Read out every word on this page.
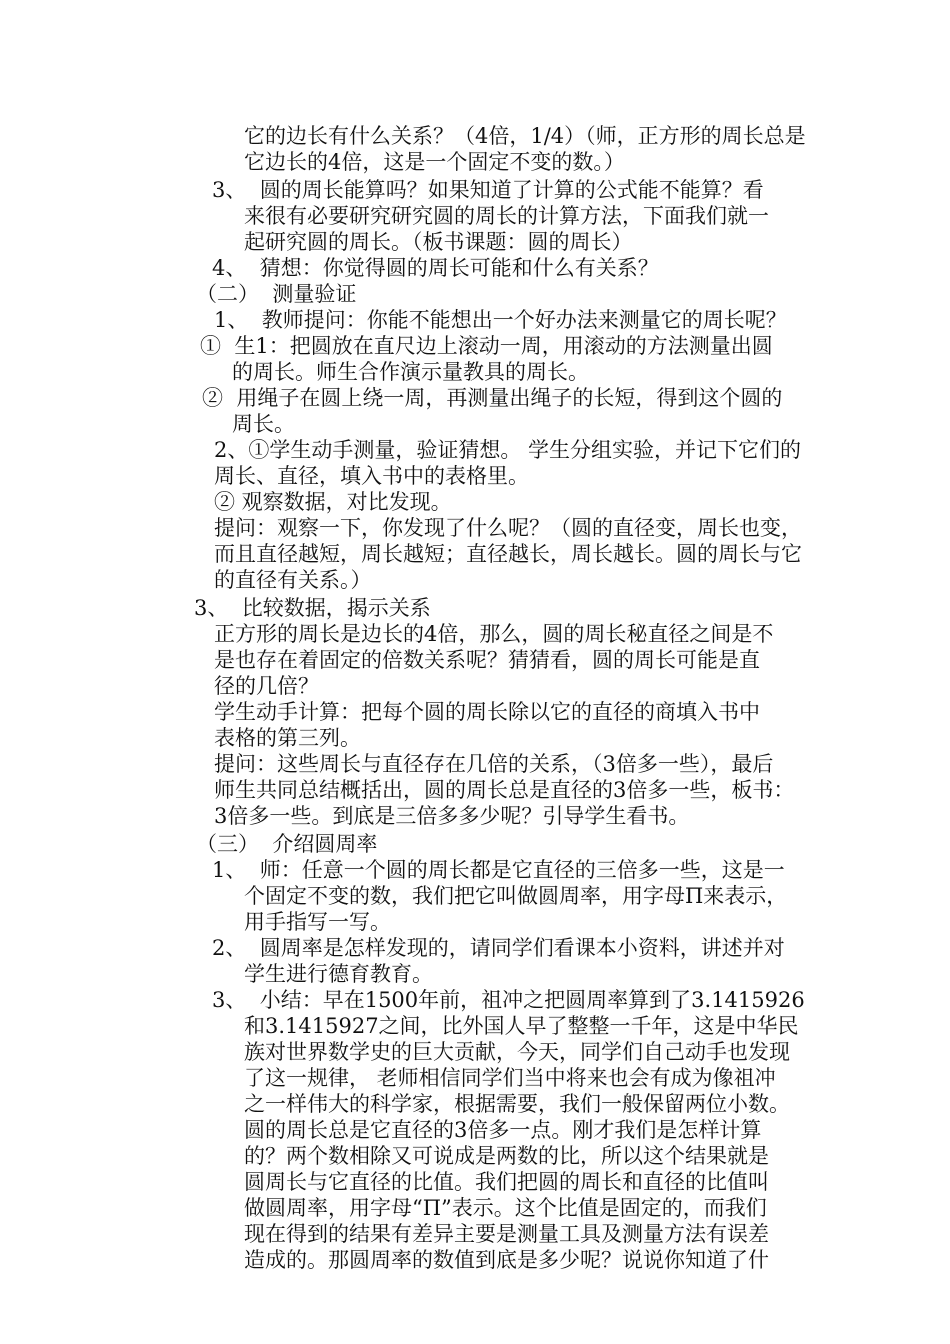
它的边长有什么关系？（4倍，1/4）（师，正方形的周长总是
它边长的4倍，这是一个固定不变的数。）
3、  圆的周长能算吗？如果知道了计算的公式能不能算？看
来很有必要研究研究圆的周长的计算方法，下面我们就一
起研究圆的周长。（板书课题：圆的周长）
4、  猜想：你觉得圆的周长可能和什么有关系？
（二）  测量验证
1、  教师提问：你能不能想出一个好办法来测量它的周长呢？
①  生1：把圆放在直尺边上滚动一周，用滚动的方法测量出圆
的周长。师生合作演示量教具的周长。
②  用绳子在圆上绕一周，再测量出绳子的长短，得到这个圆的
周长。
2、①学生动手测量，验证猜想。 学生分组实验，并记下它们的
周长、直径，填入书中的表格里。
② 观察数据，对比发现。
提问：观察一下，你发现了什么呢？（圆的直径变，周长也变，
而且直径越短，周长越短；直径越长，周长越长。圆的周长与它
的直径有关系。）
3、  比较数据，揭示关系
正方形的周长是边长的4倍，那么，圆的周长秘直径之间是不
是也存在着固定的倍数关系呢？猜猜看，圆的周长可能是直
径的几倍？
学生动手计算：把每个圆的周长除以它的直径的商填入书中
表格的第三列。
提问：这些周长与直径存在几倍的关系，（3倍多一些），最后
师生共同总结概括出，圆的周长总是直径的3倍多一些，板书：
3倍多一些。到底是三倍多多少呢？引导学生看书。
（三）  介绍圆周率
1、  师：任意一个圆的周长都是它直径的三倍多一些，这是一
个固定不变的数，我们把它叫做圆周率，用字母Π来表示，
用手指写一写。
2、  圆周率是怎样发现的，请同学们看课本小资料，讲述并对
学生进行德育教育。
3、  小结：早在1500年前，祖冲之把圆周率算到了3.1415926
和3.1415927之间，比外国人早了整整一千年，这是中华民
族对世界数学史的巨大贡献，今天，同学们自己动手也发现
了这一规律， 老师相信同学们当中将来也会有成为像祖冲
之一样伟大的科学家，根据需要，我们一般保留两位小数。
圆的周长总是它直径的3倍多一点。刚才我们是怎样计算
的？两个数相除又可说成是两数的比，所以这个结果就是
圆周长与它直径的比值。我们把圆的周长和直径的比值叫
做圆周率，用字母“Π”表示。这个比值是固定的，而我们
现在得到的结果有差异主要是测量工具及测量方法有误差
造成的。那圆周率的数值到底是多少呢？说说你知道了什
